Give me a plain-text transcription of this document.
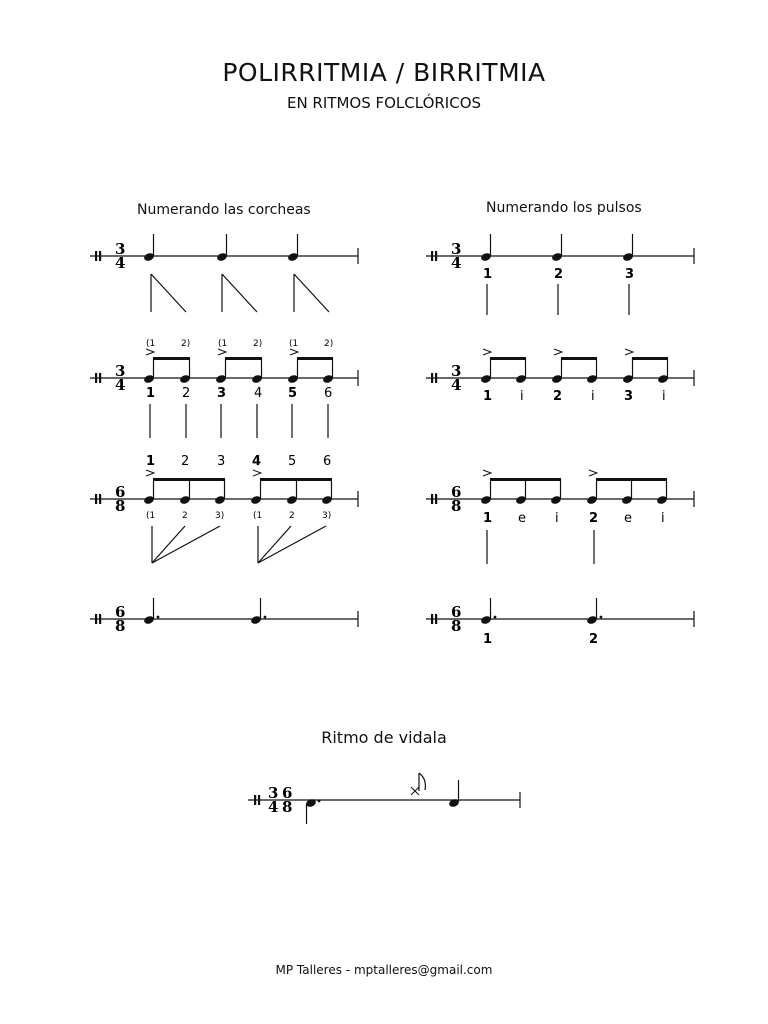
POLIRRITMIA / BIRRITMIA
EN RITMOS FOLCLÓRICOS
Numerando las corcheas	Numerando los pulsos
3
4
3
4
(1	2)	(1	2)	(1	2)
1 2 3 4 5 6
6
8
1 2 3 4 5 6
(1	2	3)	(1	2	3)
6
8
3
4
1	2	3
3
4
1 i 2 i 3 i
6
8
1 e i 2 e i
6
8
1	2
3
4
6
8
Ritmo de vidala
MP Talleres - mptalleres@gmail.com
